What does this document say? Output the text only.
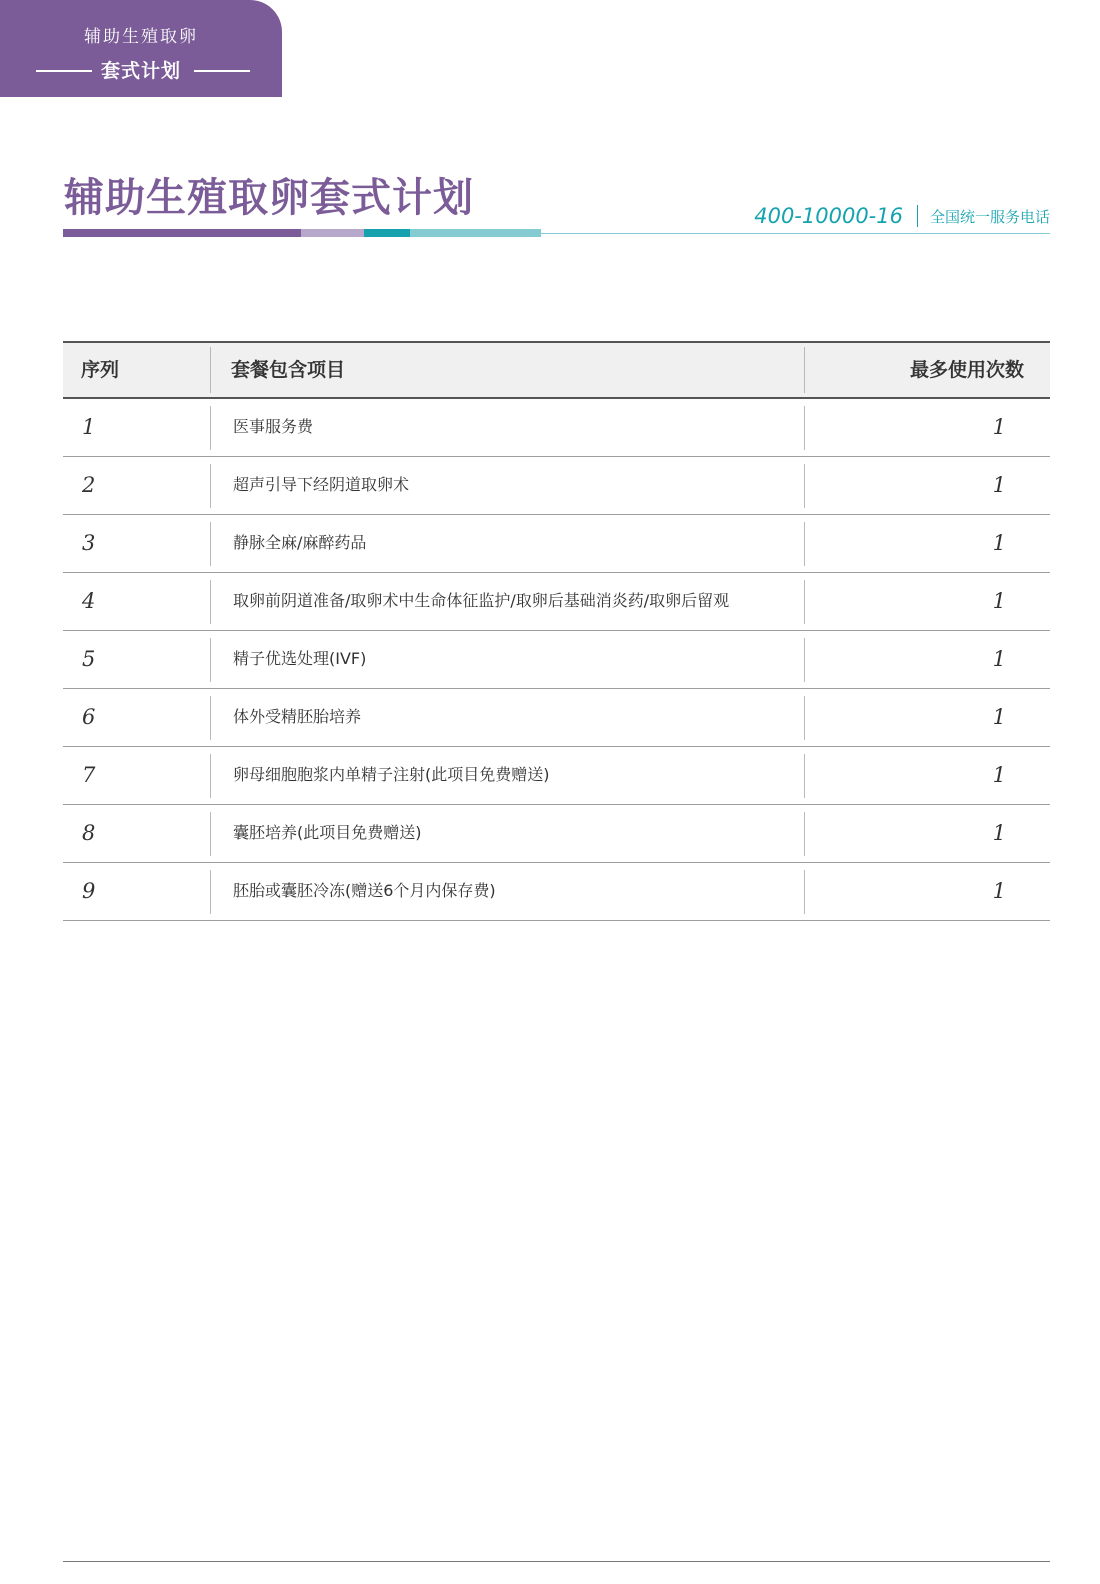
辅助生殖取卵
套式计划
辅助生殖取卵套式计划	400-10000-16 全国统一服务电话
序列	套餐包含项目	最多使用次数
1	医事服务费	1
2	超声引导下经阴道取卵术	1
3	静脉全麻/麻醉药品	1
4	取卵前阴道准备/取卵术中生命体征监护/取卵后基础消炎药/取卵后留观	1
5	精子优选处理(IVF)	1
6	体外受精胚胎培养	1
7	卵母细胞胞浆内单精子注射(此项目免费赠送)	1
8	囊胚培养(此项目免费赠送)	1
9	胚胎或囊胚冷冻(赠送6个月内保存费)	1
